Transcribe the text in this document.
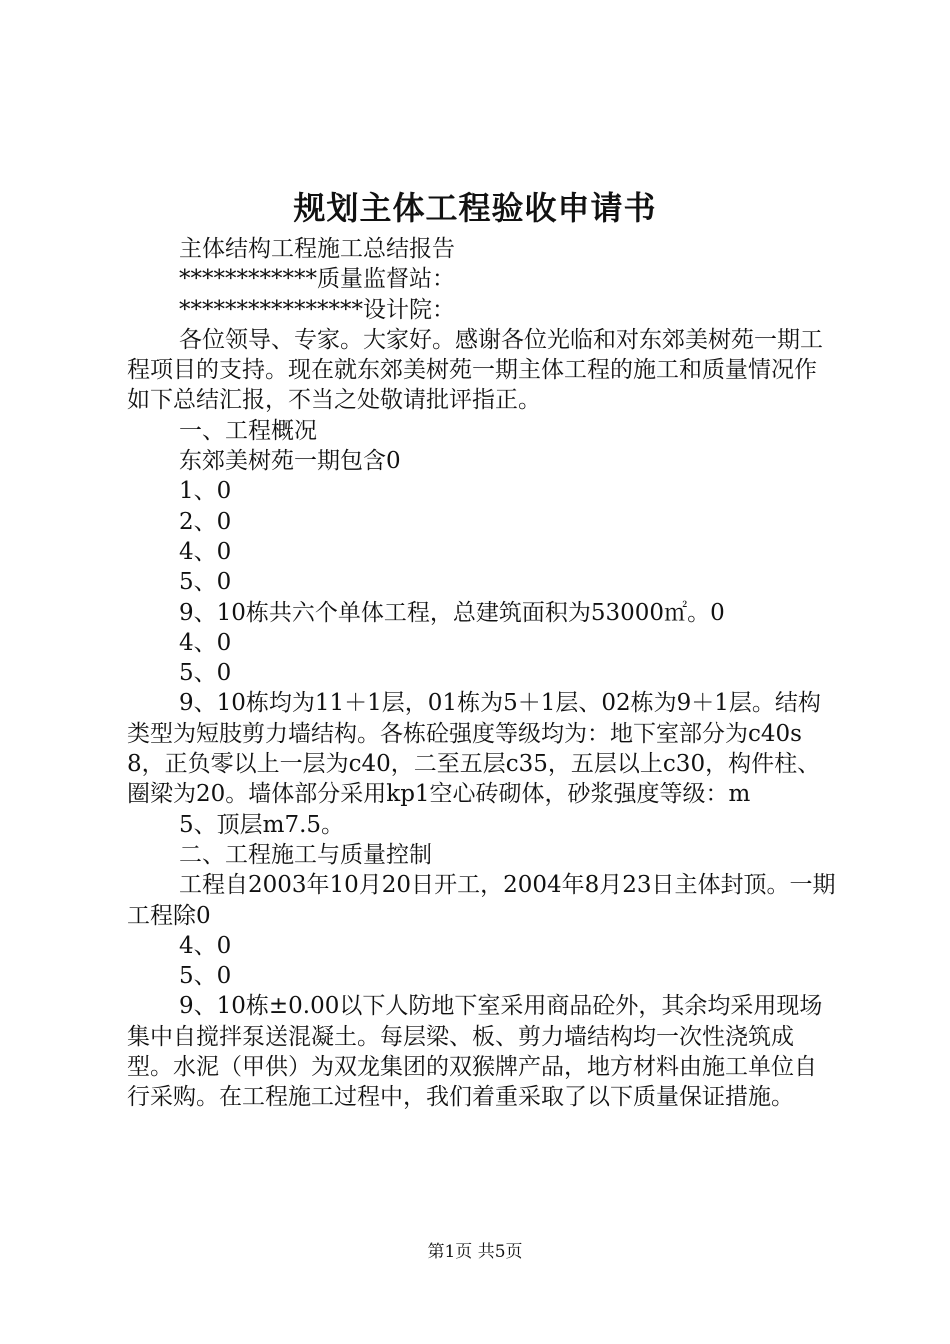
规划主体工程验收申请书

主体结构工程施工总结报告

************质量监督站：

****************设计院：

各位领导、专家。大家好。感谢各位光临和对东郊美树苑一期工程项目的支持。现在就东郊美树苑一期主体工程的施工和质量情况作如下总结汇报，不当之处敬请批评指正。

一、工程概况

东郊美树苑一期包含0

1、0

2、0

4、0

5、0

9、10栋共六个单体工程，总建筑面积为53000㎡。0

4、0

5、0

9、10栋均为11＋1层，01栋为5＋1层、02栋为9＋1层。结构类型为短肢剪力墙结构。各栋砼强度等级均为：地下室部分为c40s8，正负零以上一层为c40，二至五层c35，五层以上c30，构件柱、圈梁为20。墙体部分采用kp1空心砖砌体，砂浆强度等级：m

5、顶层m7.5。

二、工程施工与质量控制

工程自2003年10月20日开工，2004年8月23日主体封顶。一期工程除0

4、0

5、0

9、10栋±0.00以下人防地下室采用商品砼外，其余均采用现场集中自搅拌泵送混凝土。每层梁、板、剪力墙结构均一次性浇筑成型。水泥（甲供）为双龙集团的双猴牌产品，地方材料由施工单位自行采购。在工程施工过程中，我们着重采取了以下质量保证措施。

第1页 共5页
